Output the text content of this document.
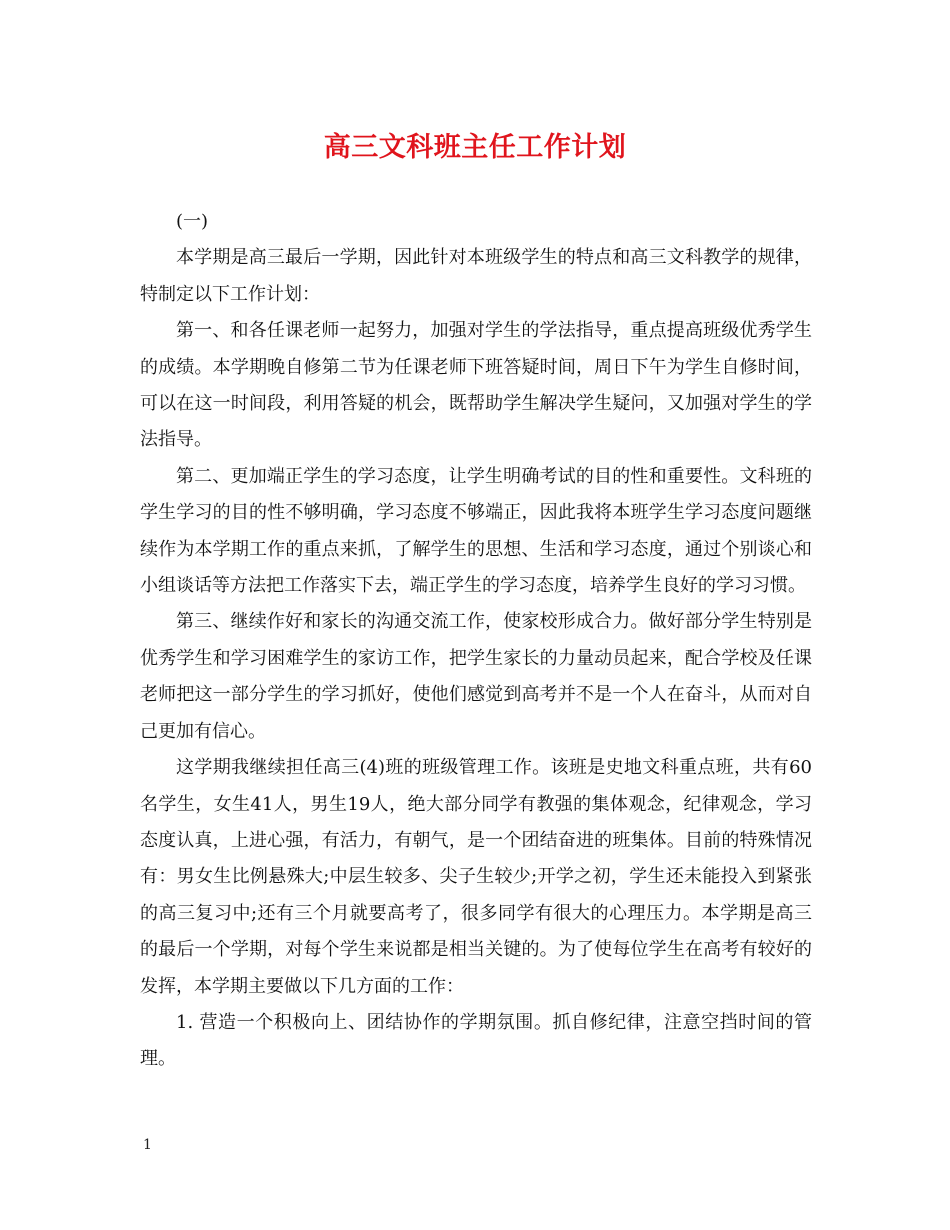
高三文科班主任工作计划

(一)

本学期是高三最后一学期，因此针对本班级学生的特点和高三文科教学的规律，特制定以下工作计划：

第一、和各任课老师一起努力，加强对学生的学法指导，重点提高班级优秀学生的成绩。本学期晚自修第二节为任课老师下班答疑时间，周日下午为学生自修时间，可以在这一时间段，利用答疑的机会，既帮助学生解决学生疑问，又加强对学生的学法指导。

第二、更加端正学生的学习态度，让学生明确考试的目的性和重要性。文科班的学生学习的目的性不够明确，学习态度不够端正，因此我将本班学生学习态度问题继续作为本学期工作的重点来抓，了解学生的思想、生活和学习态度，通过个别谈心和小组谈话等方法把工作落实下去，端正学生的学习态度，培养学生良好的学习习惯。

第三、继续作好和家长的沟通交流工作，使家校形成合力。做好部分学生特别是优秀学生和学习困难学生的家访工作，把学生家长的力量动员起来，配合学校及任课老师把这一部分学生的学习抓好，使他们感觉到高考并不是一个人在奋斗，从而对自己更加有信心。

这学期我继续担任高三(4)班的班级管理工作。该班是史地文科重点班，共有60名学生，女生41人，男生19人，绝大部分同学有教强的集体观念，纪律观念，学习态度认真，上进心强，有活力，有朝气，是一个团结奋进的班集体。目前的特殊情况有：男女生比例悬殊大;中层生较多、尖子生较少;开学之初，学生还未能投入到紧张的高三复习中;还有三个月就要高考了，很多同学有很大的心理压力。本学期是高三的最后一个学期，对每个学生来说都是相当关键的。为了使每位学生在高考有较好的发挥，本学期主要做以下几方面的工作：

1. 营造一个积极向上、团结协作的学期氛围。抓自修纪律，注意空挡时间的管理。

1
